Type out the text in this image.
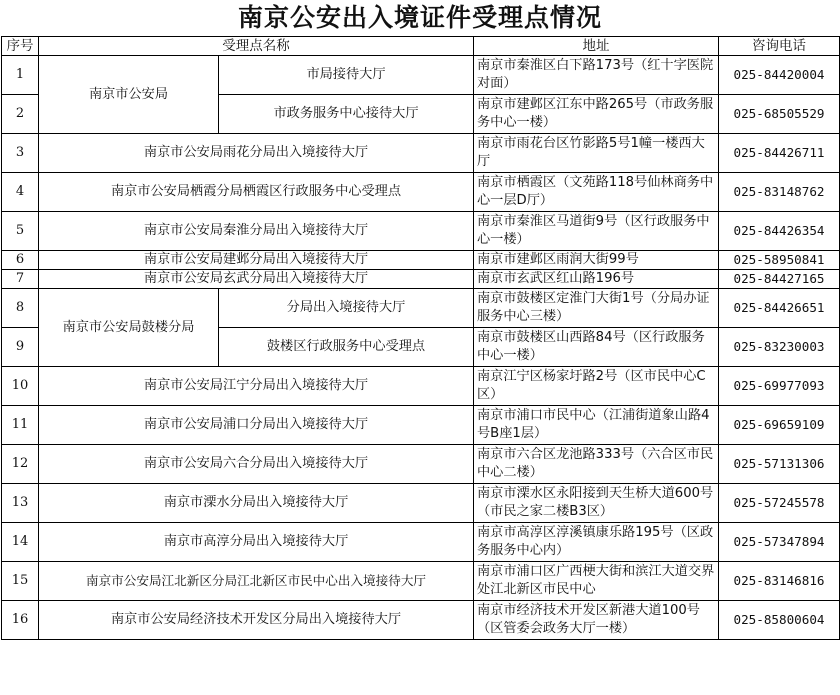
南京公安出入境证件受理点情况
序号	受理点名称		地址	咨询电话
1	南京市公安局	市局接待大厅	南京市秦淮区白下路173号（红十字医院对面）	025-84420004
2		市政务服务中心接待大厅	南京市建邺区江东中路265号（市政务服务中心一楼）	025-68505529
3	南京市公安局雨花分局出入境接待大厅		南京市雨花台区竹影路5号1幢一楼西大厅	025-84426711
4	南京市公安局栖霞分局栖霞区行政服务中心受理点		南京市栖霞区（文苑路118号仙林商务中心一层D厅）	025-83148762
5	南京市公安局秦淮分局出入境接待大厅		南京市秦淮区马道街9号（区行政服务中心一楼）	025-84426354
6	南京市公安局建邺分局出入境接待大厅		南京市建邺区雨润大街99号	025-58950841
7	南京市公安局玄武分局出入境接待大厅		南京市玄武区红山路196号	025-84427165
8	南京市公安局鼓楼分局	分局出入境接待大厅	南京市鼓楼区定淮门大街1号（分局办证服务中心三楼）	025-84426651
9		鼓楼区行政服务中心受理点	南京市鼓楼区山西路84号（区行政服务中心一楼）	025-83230003
10	南京市公安局江宁分局出入境接待大厅		南京江宁区杨家圩路2号（区市民中心C区）	025-69977093
11	南京市公安局浦口分局出入境接待大厅		南京市浦口市民中心（江浦街道象山路4号B座1层）	025-69659109
12	南京市公安局六合分局出入境接待大厅		南京市六合区龙池路333号（六合区市民中心二楼）	025-57131306
13	南京市溧水分局出入境接待大厅		南京市溧水区永阳接到天生桥大道600号（市民之家二楼B3区）	025-57245578
14	南京市高淳分局出入境接待大厅		南京市高淳区淳溪镇康乐路195号（区政务服务中心内）	025-57347894
15	南京市公安局江北新区分局江北新区市民中心出入境接待大厅		南京市浦口区广西梗大街和滨江大道交界处江北新区市民中心	025-83146816
16	南京市公安局经济技术开发区分局出入境接待大厅		南京市经济技术开发区新港大道100号（区管委会政务大厅一楼）	025-85800604
